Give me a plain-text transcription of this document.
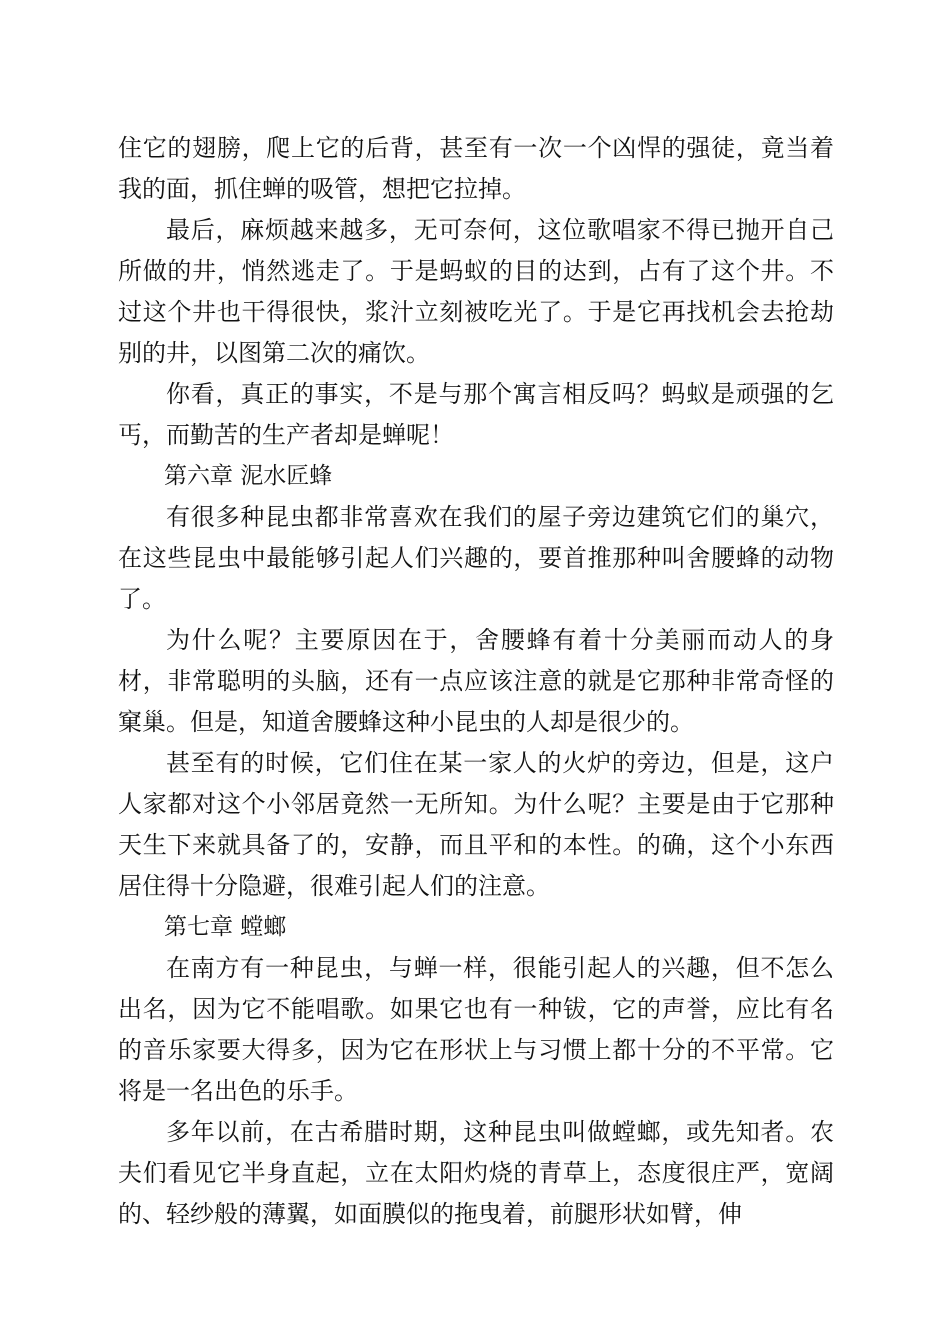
住它的翅膀，爬上它的后背，甚至有一次一个凶悍的强徒，竟当着我的面，抓住蝉的吸管，想把它拉掉。

最后，麻烦越来越多，无可奈何，这位歌唱家不得已抛开自己所做的井，悄然逃走了。于是蚂蚁的目的达到，占有了这个井。不过这个井也干得很快，浆汁立刻被吃光了。于是它再找机会去抢劫别的井，以图第二次的痛饮。

你看，真正的事实，不是与那个寓言相反吗？蚂蚁是顽强的乞丐，而勤苦的生产者却是蝉呢！

第六章 泥水匠蜂

有很多种昆虫都非常喜欢在我们的屋子旁边建筑它们的巢穴，在这些昆虫中最能够引起人们兴趣的，要首推那种叫舍腰蜂的动物了。

为什么呢？主要原因在于，舍腰蜂有着十分美丽而动人的身材，非常聪明的头脑，还有一点应该注意的就是它那种非常奇怪的窠巢。但是，知道舍腰蜂这种小昆虫的人却是很少的。

甚至有的时候，它们住在某一家人的火炉的旁边，但是，这户人家都对这个小邻居竟然一无所知。为什么呢？主要是由于它那种天生下来就具备了的，安静，而且平和的本性。的确，这个小东西居住得十分隐避，很难引起人们的注意。

第七章 螳螂

在南方有一种昆虫，与蝉一样，很能引起人的兴趣，但不怎么出名，因为它不能唱歌。如果它也有一种钹，它的声誉，应比有名的音乐家要大得多，因为它在形状上与习惯上都十分的不平常。它将是一名出色的乐手。

多年以前，在古希腊时期，这种昆虫叫做螳螂，或先知者。农夫们看见它半身直起，立在太阳灼烧的青草上，态度很庄严，宽阔的、轻纱般的薄翼，如面膜似的拖曳着，前腿形状如臂，伸
